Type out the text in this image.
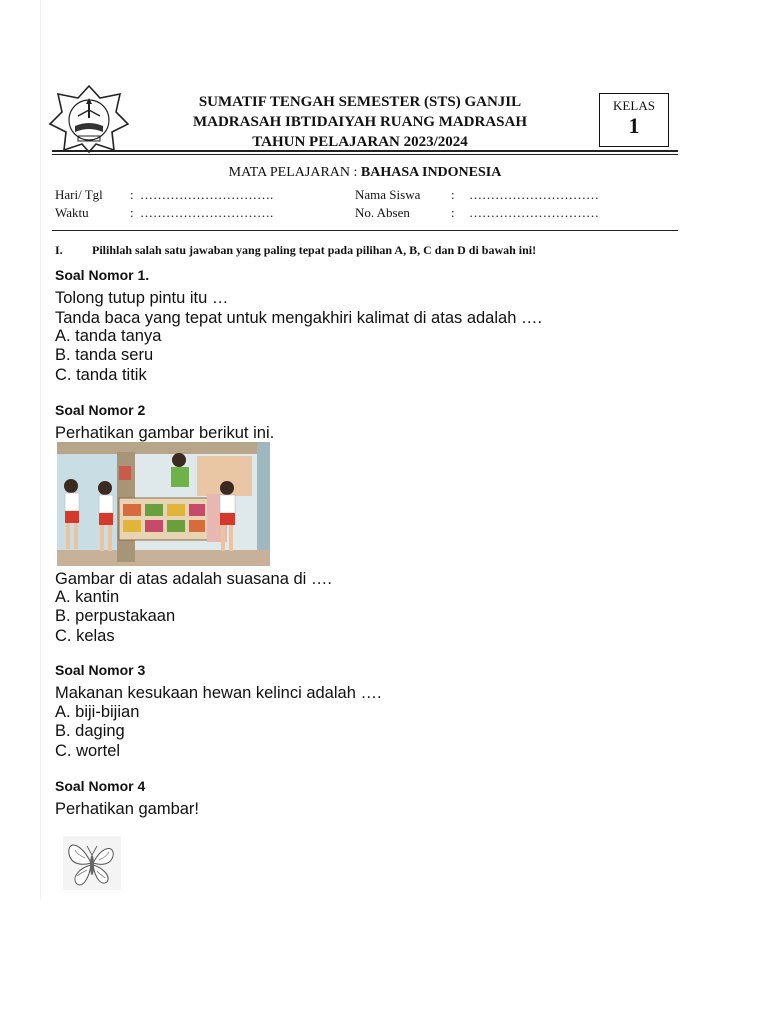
SUMATIF TENGAH SEMESTER (STS) GANJIL
MADRASAH IBTIDAIYAH RUANG MADRASAH
TAHUN PELAJARAN 2023/2024
KELAS
1
MATA PELAJARAN : BAHASA INDONESIA
Hari/ Tgl : ………………………….
Waktu	: ………………………….
Nama Siswa : …………………………
No. Absen	: …………………………
I. Pilihlah salah satu jawaban yang paling tepat pada pilihan A, B, C dan D di bawah ini!
Soal Nomor 1.
Tolong tutup pintu itu …
Tanda baca yang tepat untuk mengakhiri kalimat di atas adalah ….
A. tanda tanya
B. tanda seru
C. tanda titik
Soal Nomor 2
Perhatikan gambar berikut ini.
Gambar di atas adalah suasana di ….
A. kantin
B. perpustakaan
C. kelas
Soal Nomor 3
Makanan kesukaan hewan kelinci adalah ….
A. biji-bijian
B. daging
C. wortel
Soal Nomor 4
Perhatikan gambar!
